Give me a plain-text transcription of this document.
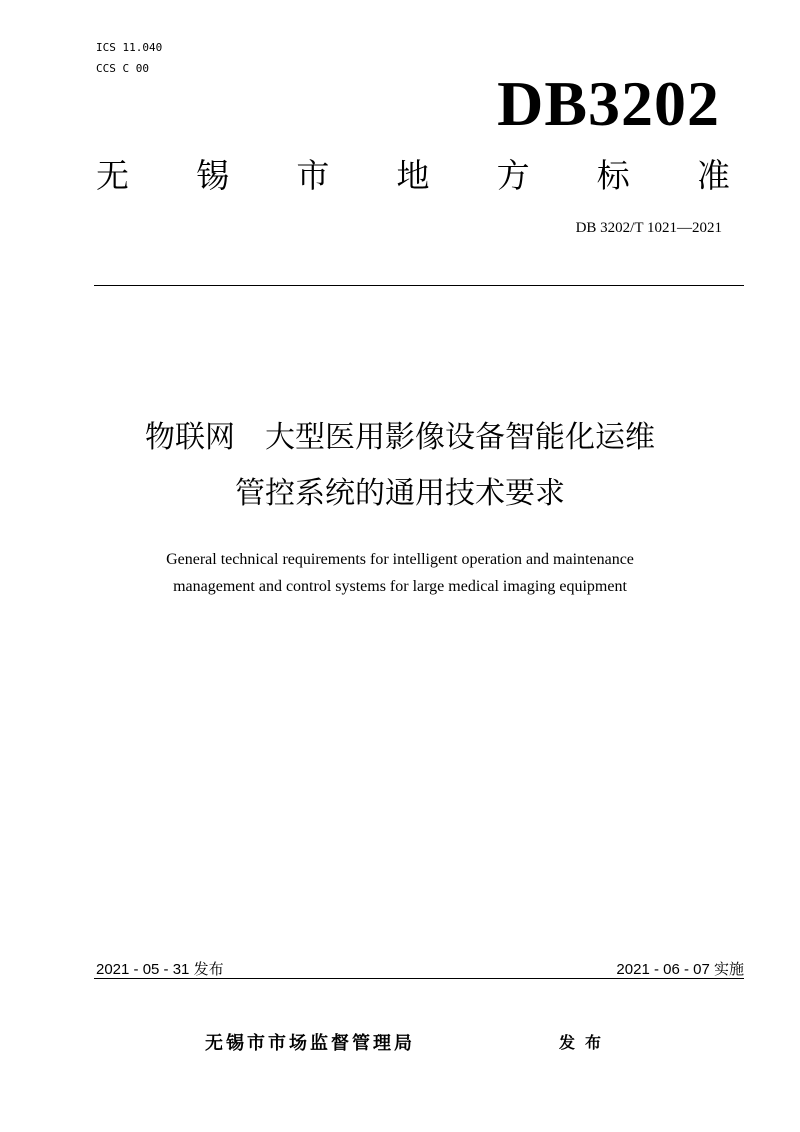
ICS 11.040
CCS C 00	DB3202
无 锡 市 地 方 标 准
DB 3202/T 1021—2021
物联网　大型医用影像设备智能化运维
管控系统的通用技术要求
General technical requirements for intelligent operation and maintenance
management and control systems for large medical imaging equipment
2021 - 05 - 31 发布	2021 - 06 - 07 实施
无锡市市场监督管理局	发布
